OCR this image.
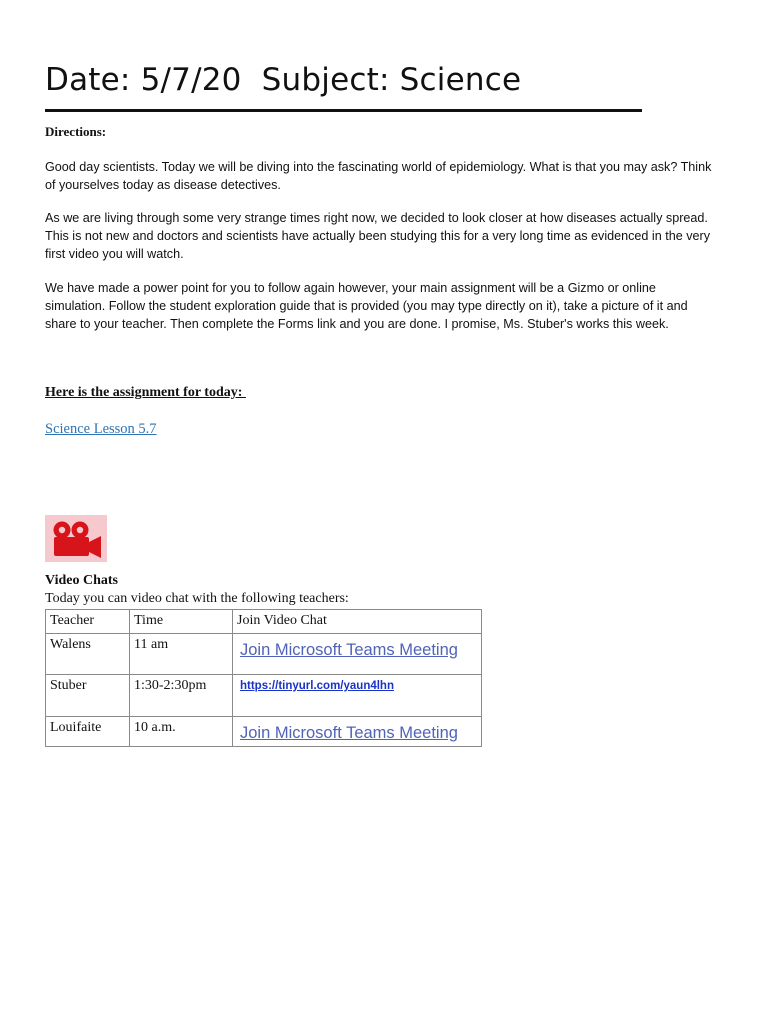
Date: 5/7/20  Subject: Science
Directions:
Good day scientists. Today we will be diving into the fascinating world of epidemiology. What is that you may ask? Think
of yourselves today as disease detectives.
As we are living through some very strange times right now, we decided to look closer at how diseases actually spread.
This is not new and doctors and scientists have actually been studying this for a very long time as evidenced in the very
first video you will watch.
We have made a power point for you to follow again however, your main assignment will be a Gizmo or online
simulation. Follow the student exploration guide that is provided (you may type directly on it), take a picture of it and
share to your teacher. Then complete the Forms link and you are done. I promise, Ms. Stuber's works this week.
Here is the assignment for today:
Science Lesson 5.7
Video Chats
Today you can video chat with the following teachers:
Teacher	Time	Join Video Chat
Walens	11 am	Join Microsoft Teams Meeting
Stuber	1:30-2:30pm	https://tinyurl.com/yaun4lhn
Louifaite	10 a.m.	Join Microsoft Teams Meeting
